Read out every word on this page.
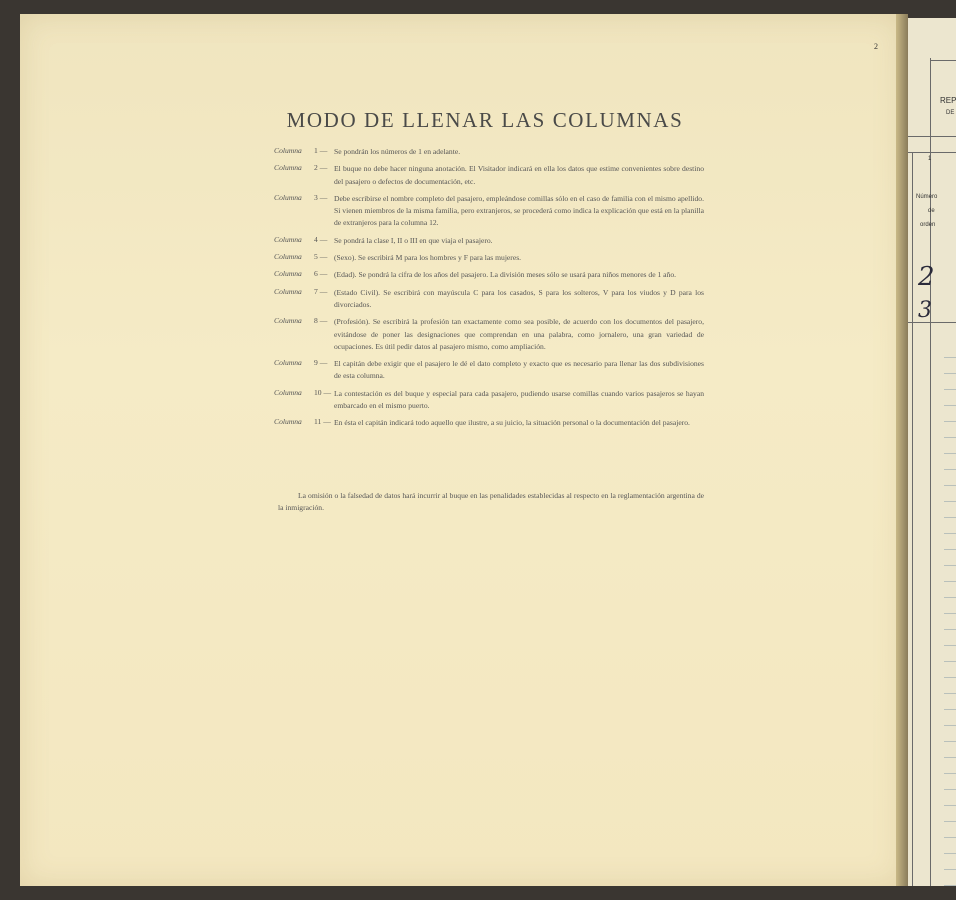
REP
DE
1
Número
de
orden
2
3
2
MODO DE LLENAR LAS COLUMNAS
Columna	1 — Se pondrán los números de 1 en adelante.
Columna	2 — El buque no debe hacer ninguna anotación. El Visitador indicará en ella los datos que estime convenientes sobre destino del pasajero o defectos de documentación, etc.
Columna	3 — Debe escribirse el nombre completo del pasajero, empleándose comillas sólo en el caso de familia con el mismo apellido. Si vienen miembros de la misma familia, pero extranjeros, se procederá como indica la explicación que está en la planilla de extranjeros para la columna 12.
Columna	4 — Se pondrá la clase I, II o III en que viaja el pasajero.
Columna	5 — (Sexo). Se escribirá M para los hombres y F para las mujeres.
Columna	6 — (Edad). Se pondrá la cifra de los años del pasajero. La división meses sólo se usará para niños menores de 1 año.
Columna	7 — (Estado Civil). Se escribirá con mayúscula C para los casados, S para los solteros, V para los viudos y D para los divorciados.
Columna	8 — (Profesión). Se escribirá la profesión tan exactamente como sea posible, de acuerdo con los documentos del pasajero, evitándose de poner las designaciones que comprendan en una palabra, como jornalero, una gran variedad de ocupaciones. Es útil pedir datos al pasajero mismo, como ampliación.
Columna	9 — El capitán debe exigir que el pasajero le dé el dato completo y exacto que es necesario para llenar las dos subdivisiones de esta columna.
Columna	10 — La contestación es del buque y especial para cada pasajero, pudiendo usarse comillas cuando varios pasajeros se hayan embarcado en el mismo puerto.
Columna	11 — En ésta el capitán indicará todo aquello que ilustre, a su juicio, la situación personal o la documentación del pasajero.
La omisión o la falsedad de datos hará incurrir al buque en las penalidades establecidas al respecto en la reglamentación argentina de la inmigración.
